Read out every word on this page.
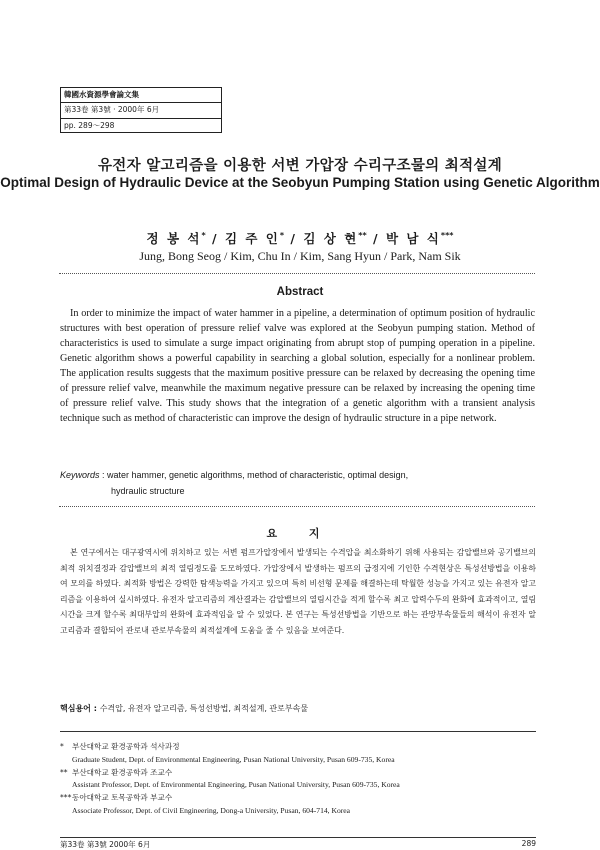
韓國水資源學會論文集
第33卷 第3號 · 2000年 6月
pp. 289～298
유전자 알고리즘을 이용한 서변 가압장 수리구조물의 최적설계
Optimal Design of Hydraulic Device at the Seobyun Pumping Station using Genetic Algorithm
정 봉 석* / 김 주 인* / 김 상 현** / 박 남 식***
Jung, Bong Seog / Kim, Chu In / Kim, Sang Hyun / Park, Nam Sik
Abstract
In order to minimize the impact of water hammer in a pipeline, a determination of optimum position of hydraulic structures with best operation of pressure relief valve was explored at the Seobyun pumping station. Method of characteristics is used to simulate a surge impact originating from abrupt stop of pumping operation in a pipeline. Genetic algorithm shows a powerful capability in searching a global solution, especially for a nonlinear problem. The application results suggests that the maximum positive pressure can be relaxed by decreasing the opening time of pressure relief valve, meanwhile the maximum negative pressure can be relaxed by increasing the opening time of pressure relief valve. This study shows that the integration of a genetic algorithm with a transient analysis technique such as method of characteristic can improve the design of hydraulic structure in a pipe network.
Keywords : water hammer, genetic algorithms, method of characteristic, optimal design,
hydraulic structure
요 지
본 연구에서는 대구광역시에 위치하고 있는 서변 펌프가압장에서 발생되는 수격압을 최소화하기 위해 사용되는 감압밸브와 공기밸브의 최적 위치결정과 감압밸브의 최적 열림정도를 도모하였다. 가압장에서 발생하는 펌프의 급정지에 기인한 수격현상은 특성선방법을 이용하여 모의를 하였다. 최적화 방법은 강력한 탐색능력을 가지고 있으며 특히 비선형 문제를 해결하는데 탁월한 성능을 가지고 있는 유전자 알고리즘을 이용하여 실시하였다. 유전자 알고리즘의 계산결과는 감압밸브의 열림시간을 적게 할수록 최고 압력수두의 완화에 효과적이고, 열림시간을 크게 할수록 최대부압의 완화에 효과적임을 알 수 있었다. 본 연구는 특성선방법을 기반으로 하는 관망부속물들의 해석이 유전자 알고리즘과 결합되어 관로내 관로부속물의 최적설계에 도움을 줄 수 있음을 보여준다.
핵심용어 : 수격압, 유전자 알고리즘, 특성선방법, 최적설계, 관로부속물
*	부산대학교 환경공학과 석사과정
Graduate Student, Dept. of Environmental Engineering, Pusan National University, Pusan 609-735, Korea
** 부산대학교 환경공학과 조교수
Assistant Professor, Dept. of Environmental Engineering, Pusan National University, Pusan 609-735, Korea
*** 동아대학교 토목공학과 부교수
Associate Professor, Dept. of Civil Engineering, Dong-a University, Pusan, 604-714, Korea
第33卷 第3號 2000年 6月	289
